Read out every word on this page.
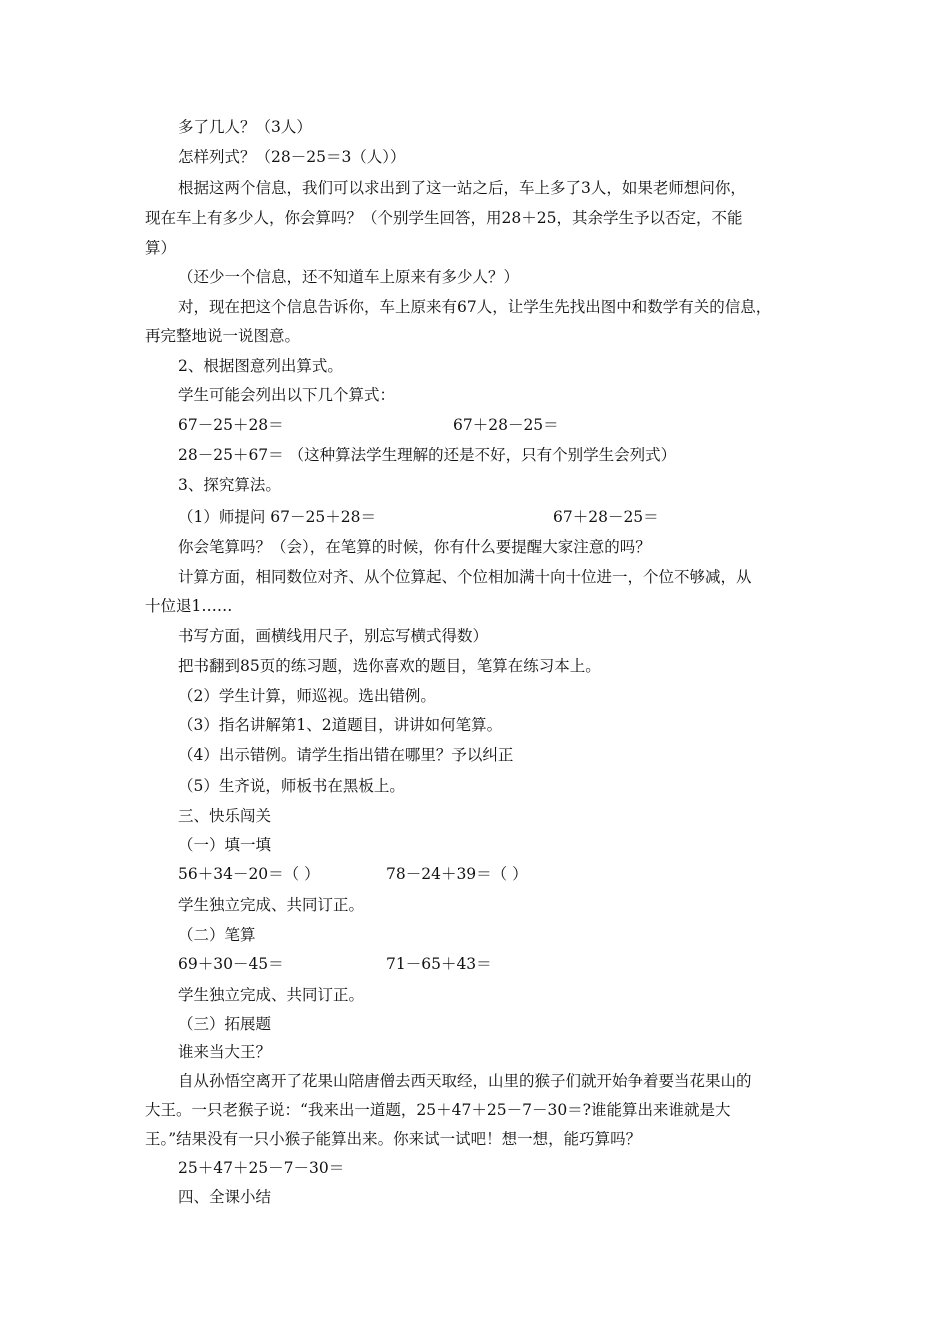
多了几人？（3人）
怎样列式？（28－25＝3（人））
根据这两个信息，我们可以求出到了这一站之后，车上多了3人，如果老师想问你，
现在车上有多少人，你会算吗？（个别学生回答，用28＋25，其余学生予以否定，不能
算）
（还少一个信息，还不知道车上原来有多少人？）
对，现在把这个信息告诉你，车上原来有67人，让学生先找出图中和数学有关的信息，
再完整地说一说图意。
2、根据图意列出算式。
学生可能会列出以下几个算式：
67－25＋28＝	67＋28－25＝
28－25＋67＝ （这种算法学生理解的还是不好，只有个别学生会列式）
3、探究算法。
（1）师提问 67－25＋28＝	67＋28－25＝
你会笔算吗？（会），在笔算的时候，你有什么要提醒大家注意的吗？
计算方面，相同数位对齐、从个位算起、个位相加满十向十位进一，个位不够减，从
十位退1……
书写方面，画横线用尺子，别忘写横式得数）
把书翻到85页的练习题，选你喜欢的题目，笔算在练习本上。
（2）学生计算，师巡视。选出错例。
（3）指名讲解第1、2道题目，讲讲如何笔算。
（4）出示错例。请学生指出错在哪里？予以纠正
（5）生齐说，师板书在黑板上。
三、快乐闯关
（一）填一填
56＋34－20＝（ ）	78－24＋39＝（ ）
学生独立完成、共同订正。
（二）笔算
69＋30－45＝	71－65＋43＝
学生独立完成、共同订正。
（三）拓展题
谁来当大王？
自从孙悟空离开了花果山陪唐僧去西天取经，山里的猴子们就开始争着要当花果山的
大王。一只老猴子说：“我来出一道题，25＋47＋25－7－30＝?谁能算出来谁就是大
王。”结果没有一只小猴子能算出来。你来试一试吧！想一想，能巧算吗？
25＋47＋25－7－30＝
四、全课小结
